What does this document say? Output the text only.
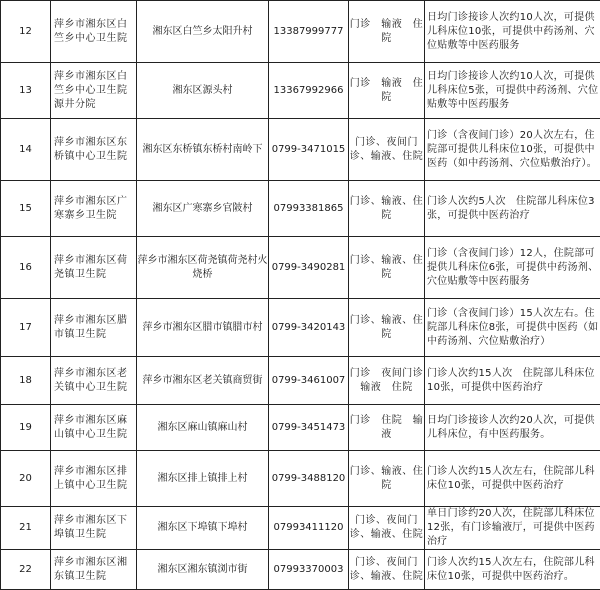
12	萍乡市湘东区白竺乡中心卫生院	湘东区白竺乡太阳升村	13387999777	门诊　输液　住院	日均门诊接诊人次约10人次，可提供儿科床位10张，可提供中药汤剂、穴位贴敷等中医药服务

13	萍乡市湘东区白竺乡中心卫生院源井分院	湘东区源头村	13367992966	门诊　输液　住院	日均门诊接诊人次约10人次，可提供儿科床位5张，可提供中药汤剂、穴位贴敷等中医药服务

14	萍乡市湘东区东桥镇中心卫生院	湘东区东桥镇东桥村南岭下	0799-3471015	门诊、夜间门诊、输液、住院	门诊（含夜间门诊）20人次左右，住院部可提供儿科床位10张，可提供中医药（如中药汤剂、穴位贴敷治疗）。

15	萍乡市湘东区广寒寨乡卫生院	湘东区广寒寨乡官陂村	07993381865	门诊、输液、住院	门诊人次约5人次　住院部儿科床位3张，可提供中医药治疗

16	萍乡市湘东区荷尧镇卫生院	萍乡市湘东区荷尧镇荷尧村火烧桥	0799-3490281	门诊、输液、住院	门诊（含夜间门诊）12人，住院部可提供儿科床位6张，可提供中药汤剂、穴位贴敷等中医药服务

17	萍乡市湘东区腊市镇卫生院	萍乡市湘东区腊市镇腊市村	0799-3420143	门诊、输液、住院	门诊（含夜间门诊）15人次左右。住院部儿科床位8张，可提供中医药（如中药汤剂、穴位贴敷治疗）

18	萍乡市湘东区老关镇中心卫生院	萍乡市湘东区老关镇商贸街	0799-3461007	门诊　夜间门诊输液　住院	门诊人次约15人次　住院部儿科床位10张，可提供中医药治疗

19	萍乡市湘东区麻山镇中心卫生院	湘东区麻山镇麻山村	0799-3451473	门诊　住院　输液	日均门诊接诊人次约20人次，可提供儿科床位，有中医药服务。

20	萍乡市湘东区排上镇中心卫生院	湘东区排上镇排上村	0799-3488120	门诊、输液、住院	门诊人次约15人次左右，住院部儿科床位10张，可提供中医药治疗

21	萍乡市湘东区下埠镇卫生院	湘东区下埠镇下埠村	07993411120	门诊、夜间门诊、输液、住院	单日门诊约20人次，住院部儿科床位12张，有门诊输液厅，可提供中医药治疗

22	萍乡市湘东区湘东镇卫生院	湘东区湘东镇浏市街	07993370003	门诊、夜间门诊、输液、住院	门诊人次约15人次左右，住院部儿科床位10张，可提供中医药治疗。
